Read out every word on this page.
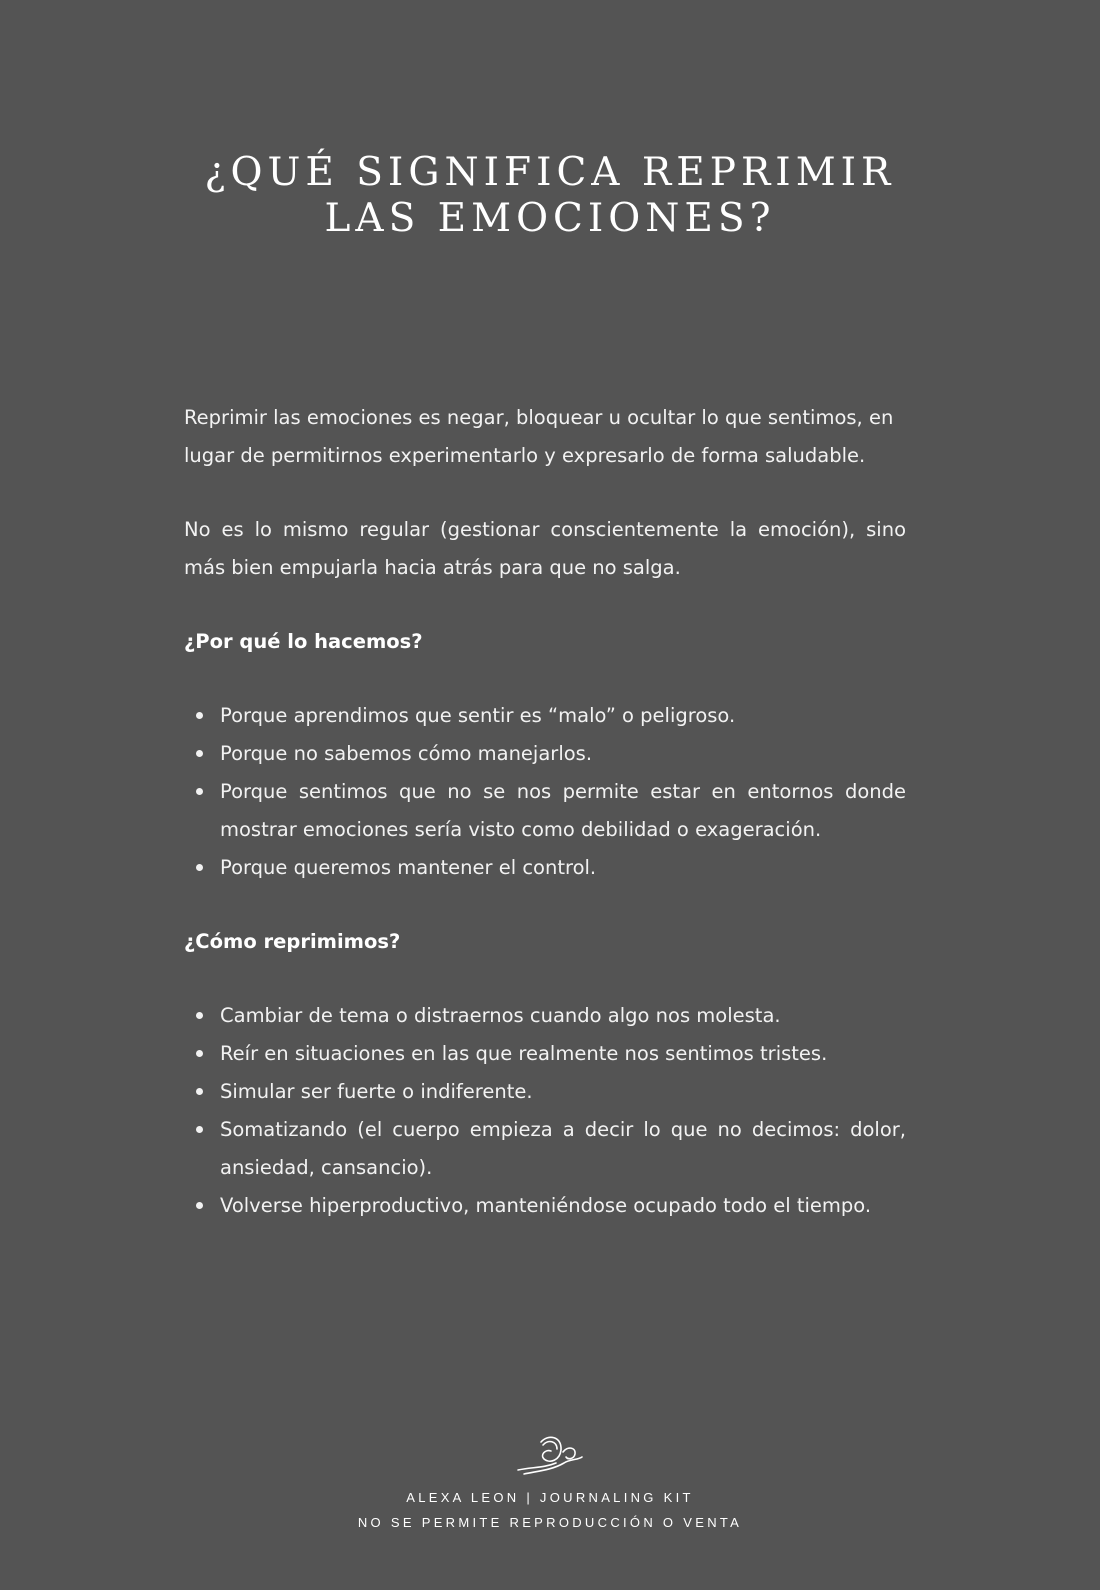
¿QUÉ SIGNIFICA REPRIMIR LAS EMOCIONES?

Reprimir las emociones es negar, bloquear u ocultar lo que sentimos, en lugar de permitirnos experimentarlo y expresarlo de forma saludable.

No es lo mismo regular (gestionar conscientemente la emoción), sino más bien empujarla hacia atrás para que no salga.

¿Por qué lo hacemos?
Porque aprendimos que sentir es “malo” o peligroso.
Porque no sabemos cómo manejarlos.
Porque sentimos que no se nos permite estar en entornos donde mostrar emociones sería visto como debilidad o exageración.
Porque queremos mantener el control.
¿Cómo reprimimos?
Cambiar de tema o distraernos cuando algo nos molesta.
Reír en situaciones en las que realmente nos sentimos tristes.
Simular ser fuerte o indiferente.
Somatizando (el cuerpo empieza a decir lo que no decimos: dolor, ansiedad, cansancio).
Volverse hiperproductivo, manteniéndose ocupado todo el tiempo.
ALEXA LEON | JOURNALING KIT
NO SE PERMITE REPRODUCCIÓN O VENTA
